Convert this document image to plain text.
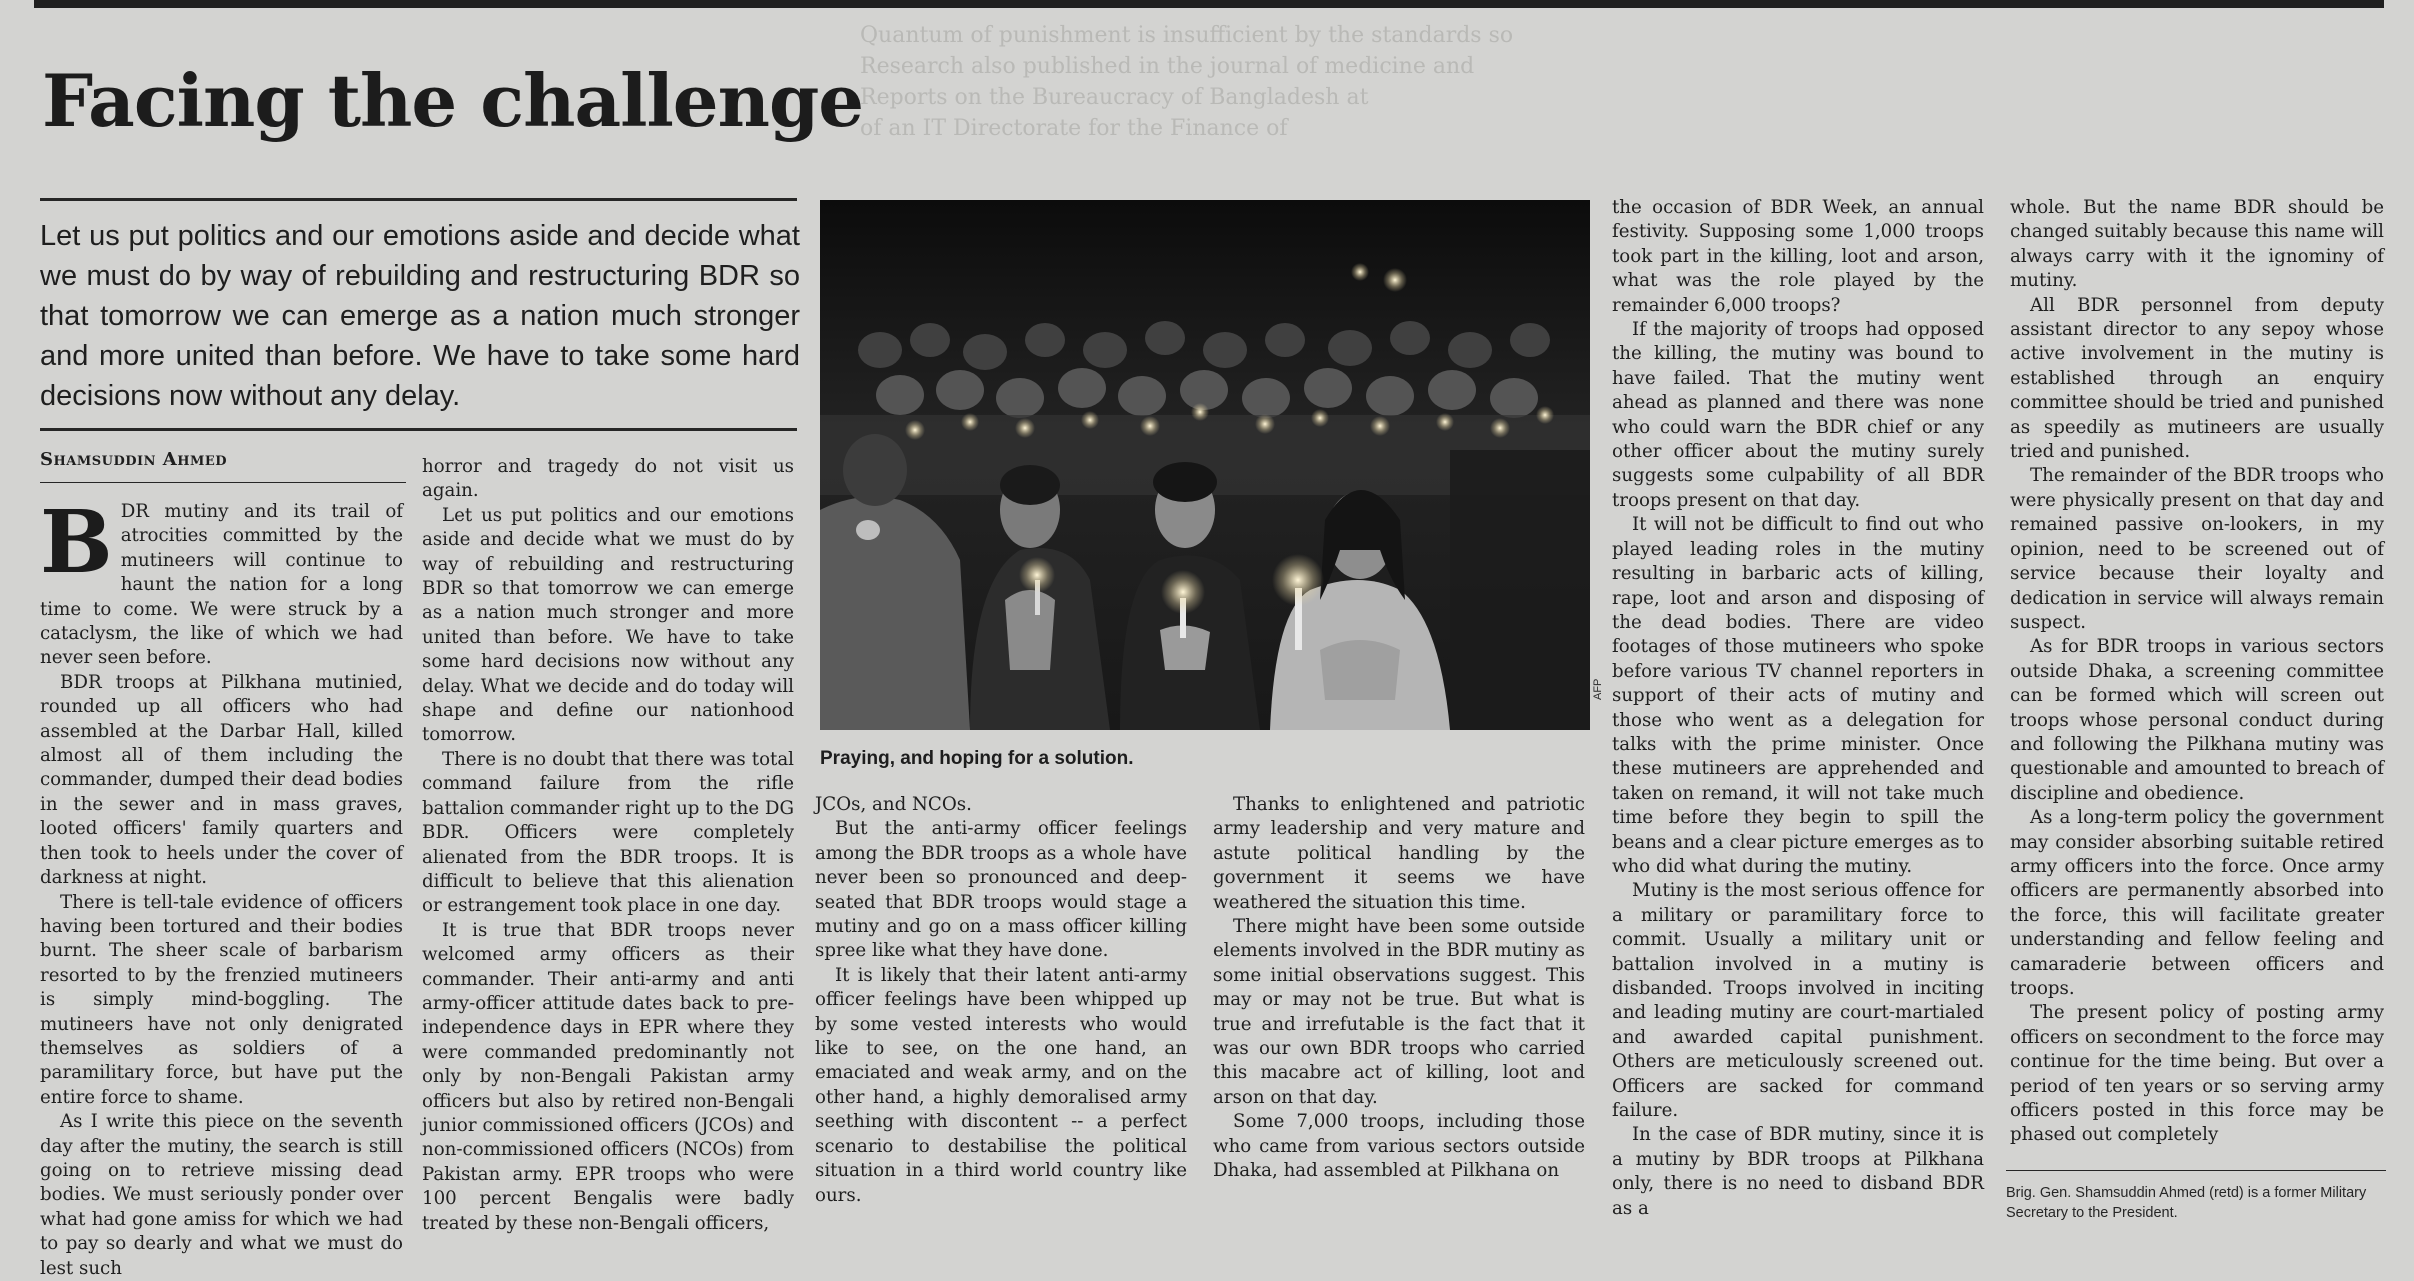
Quantum of punishment is insufficient by the standards so

Research also published in the journal of medicine and

Reports on the Bureaucracy of Bangladesh at

of an IT Directorate for the Finance of

Facing the challenge

Let us put politics and our emotions aside and decide what we must do by way of rebuilding and restructuring BDR so that tomorrow we can emerge as a nation much stronger and more united than before. We have to take some hard decisions now without any delay.

Shamsuddin Ahmed

BDR mutiny and its trail of atrocities committed by the mutineers will continue to haunt the nation for a long time to come. We were struck by a cataclysm, the like of which we had never seen before.

BDR troops at Pilkhana mutinied, rounded up all officers who had assembled at the Darbar Hall, killed almost all of them including the commander, dumped their dead bodies in the sewer and in mass graves, looted officers' family quarters and then took to heels under the cover of darkness at night.

There is tell-tale evidence of officers having been tortured and their bodies burnt. The sheer scale of barbarism resorted to by the frenzied mutineers is simply mind-boggling. The mutineers have not only denigrated themselves as soldiers of a paramilitary force, but have put the entire force to shame.

As I write this piece on the seventh day after the mutiny, the search is still going on to retrieve missing dead bodies. We must seriously ponder over what had gone amiss for which we had to pay so dearly and what we must do lest such

horror and tragedy do not visit us again.

Let us put politics and our emotions aside and decide what we must do by way of rebuilding and restructuring BDR so that tomorrow we can emerge as a nation much stronger and more united than before. We have to take some hard decisions now without any delay. What we decide and do today will shape and define our nationhood tomorrow.

There is no doubt that there was total command failure from the rifle battalion commander right up to the DG BDR. Officers were completely alienated from the BDR troops. It is difficult to believe that this alienation or estrangement took place in one day.

It is true that BDR troops never welcomed army officers as their commander. Their anti-army and anti army-officer attitude dates back to pre-independence days in EPR where they were commanded predominantly not only by non-Bengali Pakistan army officers but also by retired non-Bengali junior commissioned officers (JCOs) and non-commissioned officers (NCOs) from Pakistan army. EPR troops who were 100 percent Bengalis were badly treated by these non-Bengali officers,

AFP
Praying, and hoping for a solution.

JCOs, and NCOs.

But the anti-army officer feelings among the BDR troops as a whole have never been so pronounced and deep-seated that BDR troops would stage a mutiny and go on a mass officer killing spree like what they have done.

It is likely that their latent anti-army officer feelings have been whipped up by some vested interests who would like to see, on the one hand, an emaciated and weak army, and on the other hand, a highly demoralised army seething with discontent -- a perfect scenario to destabilise the political situation in a third world country like ours.

Thanks to enlightened and patriotic army leadership and very mature and astute political handling by the government it seems we have weathered the situation this time.

There might have been some outside elements involved in the BDR mutiny as some initial observations suggest. This may or may not be true. But what is true and irrefutable is the fact that it was our own BDR troops who carried this macabre act of killing, loot and arson on that day.

Some 7,000 troops, including those who came from various sectors outside Dhaka, had assembled at Pilkhana on

the occasion of BDR Week, an annual festivity. Supposing some 1,000 troops took part in the killing, loot and arson, what was the role played by the remainder 6,000 troops?

If the majority of troops had opposed the killing, the mutiny was bound to have failed. That the mutiny went ahead as planned and there was none who could warn the BDR chief or any other officer about the mutiny surely suggests some culpability of all BDR troops present on that day.

It will not be difficult to find out who played leading roles in the mutiny resulting in barbaric acts of killing, rape, loot and arson and disposing of the dead bodies. There are video footages of those mutineers who spoke before various TV channel reporters in support of their acts of mutiny and those who went as a delegation for talks with the prime minister. Once these mutineers are apprehended and taken on remand, it will not take much time before they begin to spill the beans and a clear picture emerges as to who did what during the mutiny.

Mutiny is the most serious offence for a military or paramilitary force to commit. Usually a military unit or battalion involved in a mutiny is disbanded. Troops involved in inciting and leading mutiny are court-martialed and awarded capital punishment. Others are meticulously screened out. Officers are sacked for command failure.

In the case of BDR mutiny, since it is a mutiny by BDR troops at Pilkhana only, there is no need to disband BDR as a

whole. But the name BDR should be changed suitably because this name will always carry with it the ignominy of mutiny.

All BDR personnel from deputy assistant director to any sepoy whose active involvement in the mutiny is established through an enquiry committee should be tried and punished as speedily as mutineers are usually tried and punished.

The remainder of the BDR troops who were physically present on that day and remained passive on-lookers, in my opinion, need to be screened out of service because their loyalty and dedication in service will always remain suspect.

As for BDR troops in various sectors outside Dhaka, a screening committee can be formed which will screen out troops whose personal conduct during and following the Pilkhana mutiny was questionable and amounted to breach of discipline and obedience.

As a long-term policy the government may consider absorbing suitable retired army officers into the force. Once army officers are permanently absorbed into the force, this will facilitate greater understanding and fellow feeling and camaraderie between officers and troops.

The present policy of posting army officers on secondment to the force may continue for the time being. But over a period of ten years or so serving army officers posted in this force may be phased out completely

Brig. Gen. Shamsuddin Ahmed (retd) is a former Military Secretary to the President.
